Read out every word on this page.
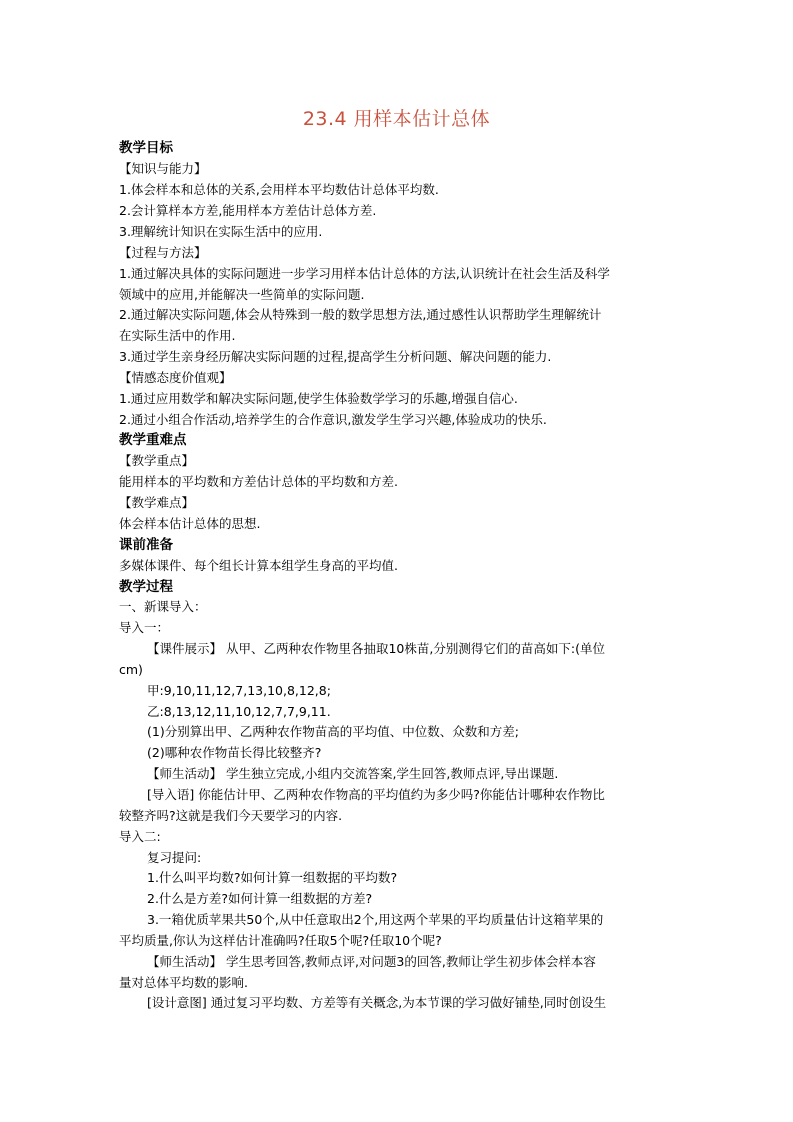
23.4 用样本估计总体
教学目标
【知识与能力】
1.体会样本和总体的关系,会用样本平均数估计总体平均数.
2.会计算样本方差,能用样本方差估计总体方差.
3.理解统计知识在实际生活中的应用.
【过程与方法】
1.通过解决具体的实际问题进一步学习用样本估计总体的方法,认识统计在社会生活及科学
领域中的应用,并能解决一些简单的实际问题.
2.通过解决实际问题,体会从特殊到一般的数学思想方法,通过感性认识帮助学生理解统计
在实际生活中的作用.
3.通过学生亲身经历解决实际问题的过程,提高学生分析问题、解决问题的能力.
【情感态度价值观】
1.通过应用数学和解决实际问题,使学生体验数学学习的乐趣,增强自信心.
2.通过小组合作活动,培养学生的合作意识,激发学生学习兴趣,体验成功的快乐.
教学重难点
【教学重点】
能用样本的平均数和方差估计总体的平均数和方差.
【教学难点】
体会样本估计总体的思想.
课前准备
多媒体课件、每个组长计算本组学生身高的平均值.
教学过程
一、新课导入：
导入一：
【课件展示】 从甲、乙两种农作物里各抽取10株苗,分别测得它们的苗高如下:(单位
cm)
甲:9,10,11,12,7,13,10,8,12,8;
乙:8,13,12,11,10,12,7,7,9,11.
(1)分别算出甲、乙两种农作物苗高的平均值、中位数、众数和方差;
(2)哪种农作物苗长得比较整齐?
【师生活动】 学生独立完成,小组内交流答案,学生回答,教师点评,导出课题.
[导入语] 你能估计甲、乙两种农作物高的平均值约为多少吗?你能估计哪种农作物比
较整齐吗?这就是我们今天要学习的内容.
导入二:
复习提问:
1.什么叫平均数?如何计算一组数据的平均数?
2.什么是方差?如何计算一组数据的方差?
3.一箱优质苹果共50个,从中任意取出2个,用这两个苹果的平均质量估计这箱苹果的
平均质量,你认为这样估计准确吗?任取5个呢?任取10个呢?
【师生活动】 学生思考回答,教师点评,对问题3的回答,教师让学生初步体会样本容
量对总体平均数的影响.
[设计意图] 通过复习平均数、方差等有关概念,为本节课的学习做好铺垫,同时创设生
